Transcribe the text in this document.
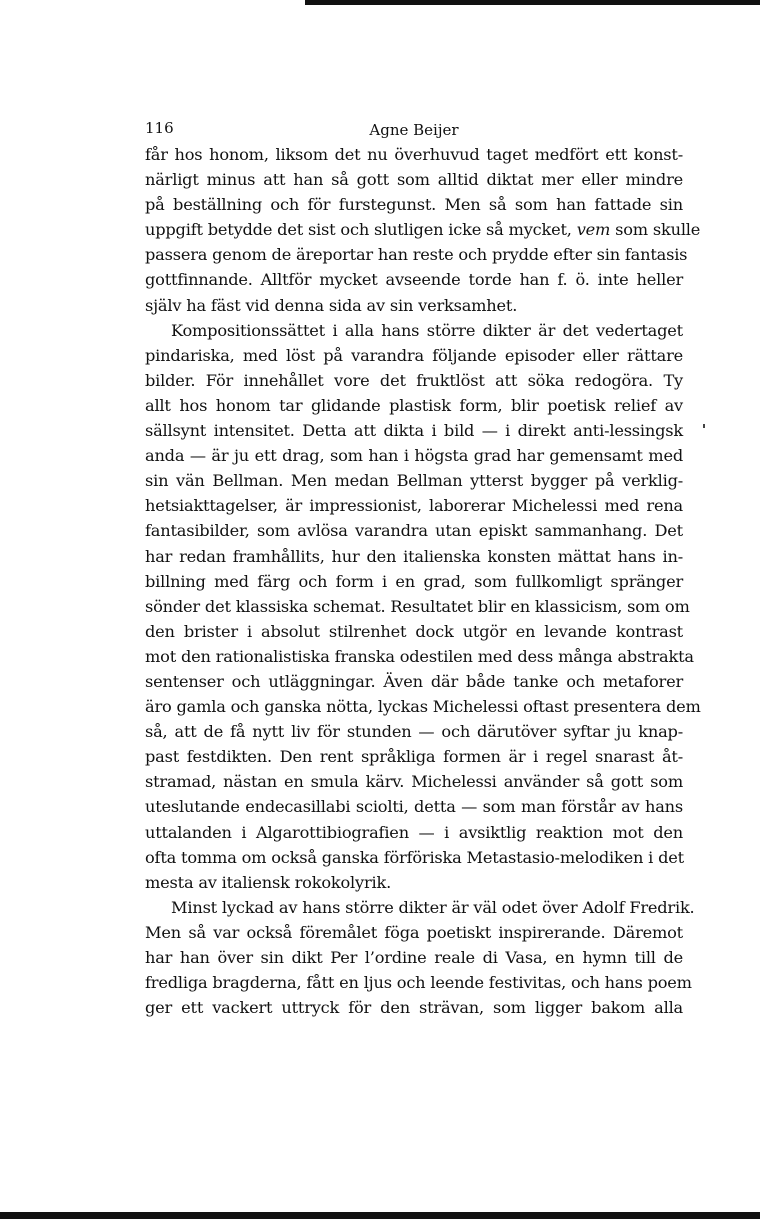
116	Agne Beijer
får hos honom, liksom det nu överhuvud taget medfört ett konst-
närligt minus att han så gott som alltid diktat mer eller mindre
på beställning och för furstegunst. Men så som han fattade sin
uppgift betydde det sist och slutligen icke så mycket, vem som skulle
passera genom de äreportar han reste och prydde efter sin fantasis
gottfinnande. Alltför mycket avseende torde han f. ö. inte heller
själv ha fäst vid denna sida av sin verksamhet.
Kompositionssättet i alla hans större dikter är det vedertaget
pindariska, med löst på varandra följande episoder eller rättare
bilder. För innehållet vore det fruktlöst att söka redogöra. Ty
allt hos honom tar glidande plastisk form, blir poetisk relief av
sällsynt intensitet. Detta att dikta i bild — i direkt anti-lessingsk
anda — är ju ett drag, som han i högsta grad har gemensamt med
sin vän Bellman. Men medan Bellman ytterst bygger på verklig-
hetsiakttagelser, är impressionist, laborerar Michelessi med rena
fantasibilder, som avlösa varandra utan episkt sammanhang. Det
har redan framhållits, hur den italienska konsten mättat hans in-
billning med färg och form i en grad, som fullkomligt spränger
sönder det klassiska schemat. Resultatet blir en klassicism, som om
den brister i absolut stilrenhet dock utgör en levande kontrast
mot den rationalistiska franska odestilen med dess många abstrakta
sentenser och utläggningar. Även där både tanke och metaforer
äro gamla och ganska nötta, lyckas Michelessi oftast presentera dem
så, att de få nytt liv för stunden — och därutöver syftar ju knap-
past festdikten. Den rent språkliga formen är i regel snarast åt-
stramad, nästan en smula kärv. Michelessi använder så gott som
uteslutande endecasillabi sciolti, detta — som man förstår av hans
uttalanden i Algarottibiografien — i avsiktlig reaktion mot den
ofta tomma om också ganska förföriska Metastasio-melodiken i det
mesta av italiensk rokokolyrik.
Minst lyckad av hans större dikter är väl odet över Adolf Fredrik.
Men så var också föremålet föga poetiskt inspirerande. Däremot
har han över sin dikt Per l’ordine reale di Vasa, en hymn till de
fredliga bragderna, fått en ljus och leende festivitas, och hans poem
ger ett vackert uttryck för den strävan, som ligger bakom alla
